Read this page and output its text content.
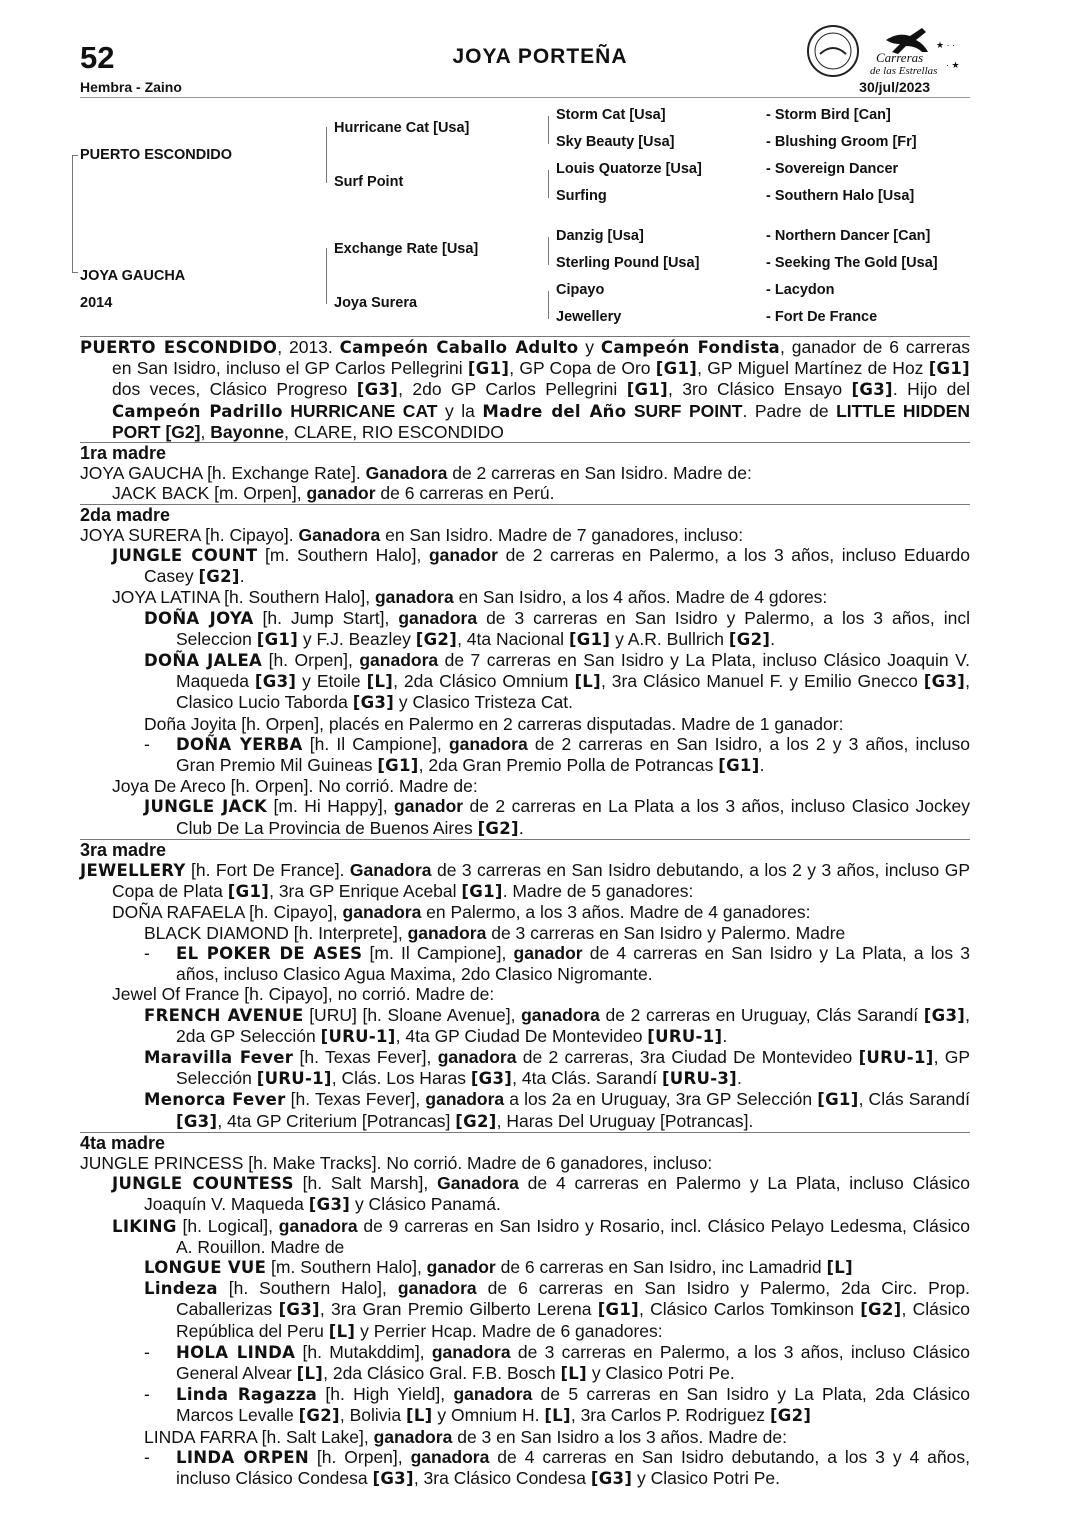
52	JOYA PORTEÑA
Hembra - Zaino	30/jul/2023
Carreras
de las Estrellas
★ · ·
· ★
PUERTO ESCONDIDO
JOYA GAUCHA
2014
Hurricane Cat [Usa]
Surf Point
Exchange Rate [Usa]
Joya Surera
Storm Cat [Usa]
Sky Beauty [Usa]
Louis Quatorze [Usa]
Surfing
Danzig [Usa]
Sterling Pound [Usa]
Cipayo
Jewellery
- Storm Bird [Can]
- Blushing Groom [Fr]
- Sovereign Dancer
- Southern Halo [Usa]
- Northern Dancer [Can]
- Seeking The Gold [Usa]
- Lacydon
- Fort De France
PUERTO ESCONDIDO, 2013. Campeón Caballo Adulto y Campeón Fondista, ganador de 6 carreras en San Isidro, incluso el GP Carlos Pellegrini [G1], GP Copa de Oro [G1], GP Miguel Martínez de Hoz [G1] dos veces, Clásico Progreso [G3], 2do GP Carlos Pellegrini [G1], 3ro Clásico Ensayo [G3]. Hijo del Campeón Padrillo HURRICANE CAT y la Madre del Año SURF POINT. Padre de LITTLE HIDDEN PORT [G2], Bayonne, CLARE, RIO ESCONDIDO
1ra madre
JOYA GAUCHA [h. Exchange Rate]. Ganadora de 2 carreras en San Isidro. Madre de:
JACK BACK [m. Orpen], ganador de 6 carreras en Perú.
2da madre
JOYA SURERA [h. Cipayo]. Ganadora en San Isidro. Madre de 7 ganadores, incluso:
JUNGLE COUNT [m. Southern Halo], ganador de 2 carreras en Palermo, a los 3 años, incluso Eduardo Casey [G2].
JOYA LATINA [h. Southern Halo], ganadora en San Isidro, a los 4 años. Madre de 4 gdores:
DOÑA JOYA [h. Jump Start], ganadora de 3 carreras en San Isidro y Palermo, a los 3 años, incl Seleccion [G1] y F.J. Beazley [G2], 4ta Nacional [G1] y A.R. Bullrich [G2].
DOÑA JALEA [h. Orpen], ganadora de 7 carreras en San Isidro y La Plata, incluso Clásico Joaquin V. Maqueda [G3] y Etoile [L], 2da Clásico Omnium [L], 3ra Clásico Manuel F. y Emilio Gnecco [G3], Clasico Lucio Taborda [G3] y Clasico Tristeza Cat.
Doña Joyita [h. Orpen], placés en Palermo en 2 carreras disputadas. Madre de 1 ganador:
- DOÑA YERBA [h. Il Campione], ganadora de 2 carreras en San Isidro, a los 2 y 3 años, incluso Gran Premio Mil Guineas [G1], 2da Gran Premio Polla de Potrancas [G1].
Joya De Areco [h. Orpen]. No corrió. Madre de:
JUNGLE JACK [m. Hi Happy], ganador de 2 carreras en La Plata a los 3 años, incluso Clasico Jockey Club De La Provincia de Buenos Aires [G2].
3ra madre
JEWELLERY [h. Fort De France]. Ganadora de 3 carreras en San Isidro debutando, a los 2 y 3 años, incluso GP Copa de Plata [G1], 3ra GP Enrique Acebal [G1]. Madre de 5 ganadores:
DOÑA RAFAELA [h. Cipayo], ganadora en Palermo, a los 3 años. Madre de 4 ganadores:
BLACK DIAMOND [h. Interprete], ganadora de 3 carreras en San Isidro y Palermo. Madre
- EL POKER DE ASES [m. Il Campione], ganador de 4 carreras en San Isidro y La Plata, a los 3 años, incluso Clasico Agua Maxima, 2do Clasico Nigromante.
Jewel Of France [h. Cipayo], no corrió. Madre de:
FRENCH AVENUE [URU] [h. Sloane Avenue], ganadora de 2 carreras en Uruguay, Clás Sarandí [G3], 2da GP Selección [URU-1], 4ta GP Ciudad De Montevideo [URU-1].
Maravilla Fever [h. Texas Fever], ganadora de 2 carreras, 3ra Ciudad De Montevideo [URU-1], GP Selección [URU-1], Clás. Los Haras [G3], 4ta Clás. Sarandí [URU-3].
Menorca Fever [h. Texas Fever], ganadora a los 2a en Uruguay, 3ra GP Selección [G1], Clás Sarandí [G3], 4ta GP Criterium [Potrancas] [G2], Haras Del Uruguay [Potrancas].
4ta madre
JUNGLE PRINCESS [h. Make Tracks]. No corrió. Madre de 6 ganadores, incluso:
JUNGLE COUNTESS [h. Salt Marsh], Ganadora de 4 carreras en Palermo y La Plata, incluso Clásico Joaquín V. Maqueda [G3] y Clásico Panamá.
LIKING [h. Logical], ganadora de 9 carreras en San Isidro y Rosario, incl. Clásico Pelayo Ledesma, Clásico A. Rouillon. Madre de
LONGUE VUE [m. Southern Halo], ganador de 6 carreras en San Isidro, inc Lamadrid [L]
Lindeza [h. Southern Halo], ganadora de 6 carreras en San Isidro y Palermo, 2da Circ. Prop. Caballerizas [G3], 3ra Gran Premio Gilberto Lerena [G1], Clásico Carlos Tomkinson [G2], Clásico República del Peru [L] y Perrier Hcap. Madre de 6 ganadores:
- HOLA LINDA [h. Mutakddim], ganadora de 3 carreras en Palermo, a los 3 años, incluso Clásico General Alvear [L], 2da Clásico Gral. F.B. Bosch [L] y Clasico Potri Pe.
- Linda Ragazza [h. High Yield], ganadora de 5 carreras en San Isidro y La Plata, 2da Clásico Marcos Levalle [G2], Bolivia [L] y Omnium H. [L], 3ra Carlos P. Rodriguez [G2]
LINDA FARRA [h. Salt Lake], ganadora de 3 en San Isidro a los 3 años. Madre de:
- LINDA ORPEN [h. Orpen], ganadora de 4 carreras en San Isidro debutando, a los 3 y 4 años, incluso Clásico Condesa [G3], 3ra Clásico Condesa [G3] y Clasico Potri Pe.
